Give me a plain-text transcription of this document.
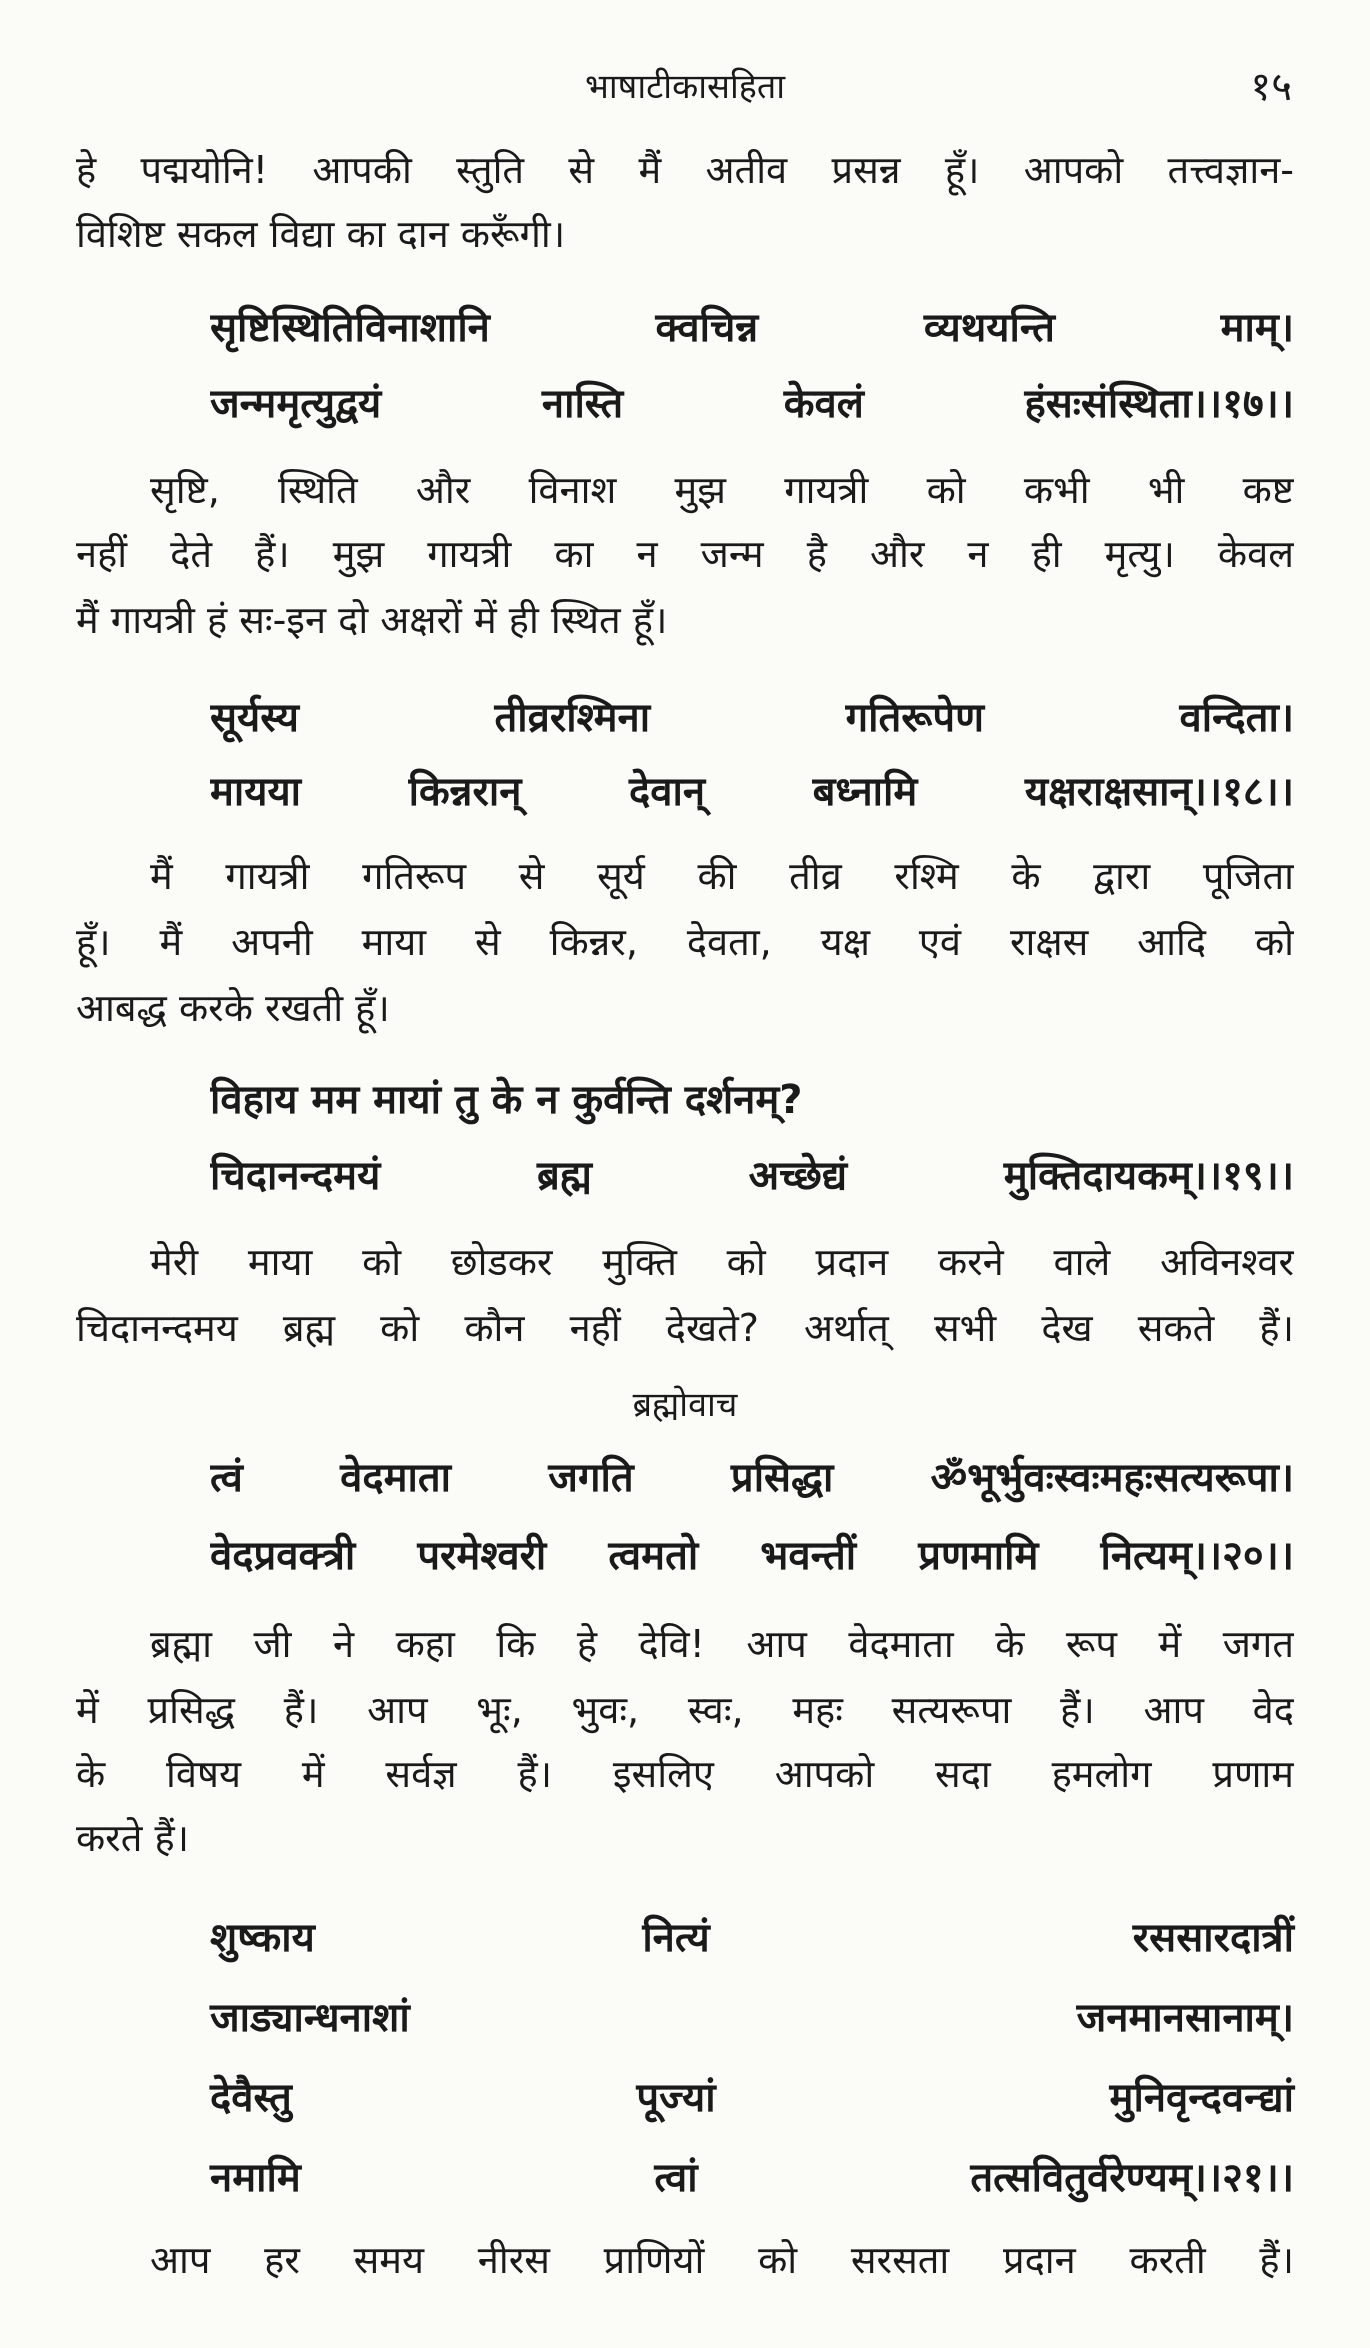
भाषाटीकासहिता	१५
हे पद्मयोनि! आपकी स्तुति से मैं अतीव प्रसन्न हूँ। आपको तत्त्वज्ञान-
विशिष्ट सकल विद्या का दान करूँगी।
सृष्टिस्थितिविनाशानि क्वचिन्न व्यथयन्ति माम्।
जन्ममृत्युद्वयं नास्ति केवलं हंसःसंस्थिता।।१७।।
सृष्टि, स्थिति और विनाश मुझ गायत्री को कभी भी कष्ट
नहीं देते हैं। मुझ गायत्री का न जन्म है और न ही मृत्यु। केवल
मैं गायत्री हं सः-इन दो अक्षरों में ही स्थित हूँ।
सूर्यस्य तीव्ररश्मिना गतिरूपेण वन्दिता।
मायया किन्नरान् देवान् बध्नामि यक्षराक्षसान्।।१८।।
मैं गायत्री गतिरूप से सूर्य की तीव्र रश्मि के द्वारा पूजिता
हूँ। मैं अपनी माया से किन्नर, देवता, यक्ष एवं राक्षस आदि को
आबद्ध करके रखती हूँ।
विहाय मम मायां तु के न कुर्वन्ति दर्शनम्?
चिदानन्दमयं ब्रह्म अच्छेद्यं मुक्तिदायकम्।।१९।।
मेरी माया को छोडकर मुक्ति को प्रदान करने वाले अविनश्वर
चिदानन्दमय ब्रह्म को कौन नहीं देखते? अर्थात् सभी देख सकते हैं।
ब्रह्मोवाच
त्वं वेदमाता जगति प्रसिद्धा ॐभूर्भुवःस्वःमहःसत्यरूपा।
वेदप्रवक्त्री परमेश्वरी त्वमतो भवन्तीं प्रणमामि नित्यम्।।२०।।
ब्रह्मा जी ने कहा कि हे देवि! आप वेदमाता के रूप में जगत
में प्रसिद्ध हैं। आप भूः, भुवः, स्वः, महः सत्यरूपा हैं। आप वेद
के विषय में सर्वज्ञ हैं। इसलिए आपको सदा हमलोग प्रणाम
करते हैं।
शुष्काय	नित्यं	रससारदात्रीं
जाड्यान्धनाशां	जनमानसानाम्।
देवैस्तु	पूज्यां	मुनिवृन्दवन्द्यां
नमामि	त्वां	तत्सवितुर्वरेण्यम्।।२१।।
आप हर समय नीरस प्राणियों को सरसता प्रदान करती हैं।
